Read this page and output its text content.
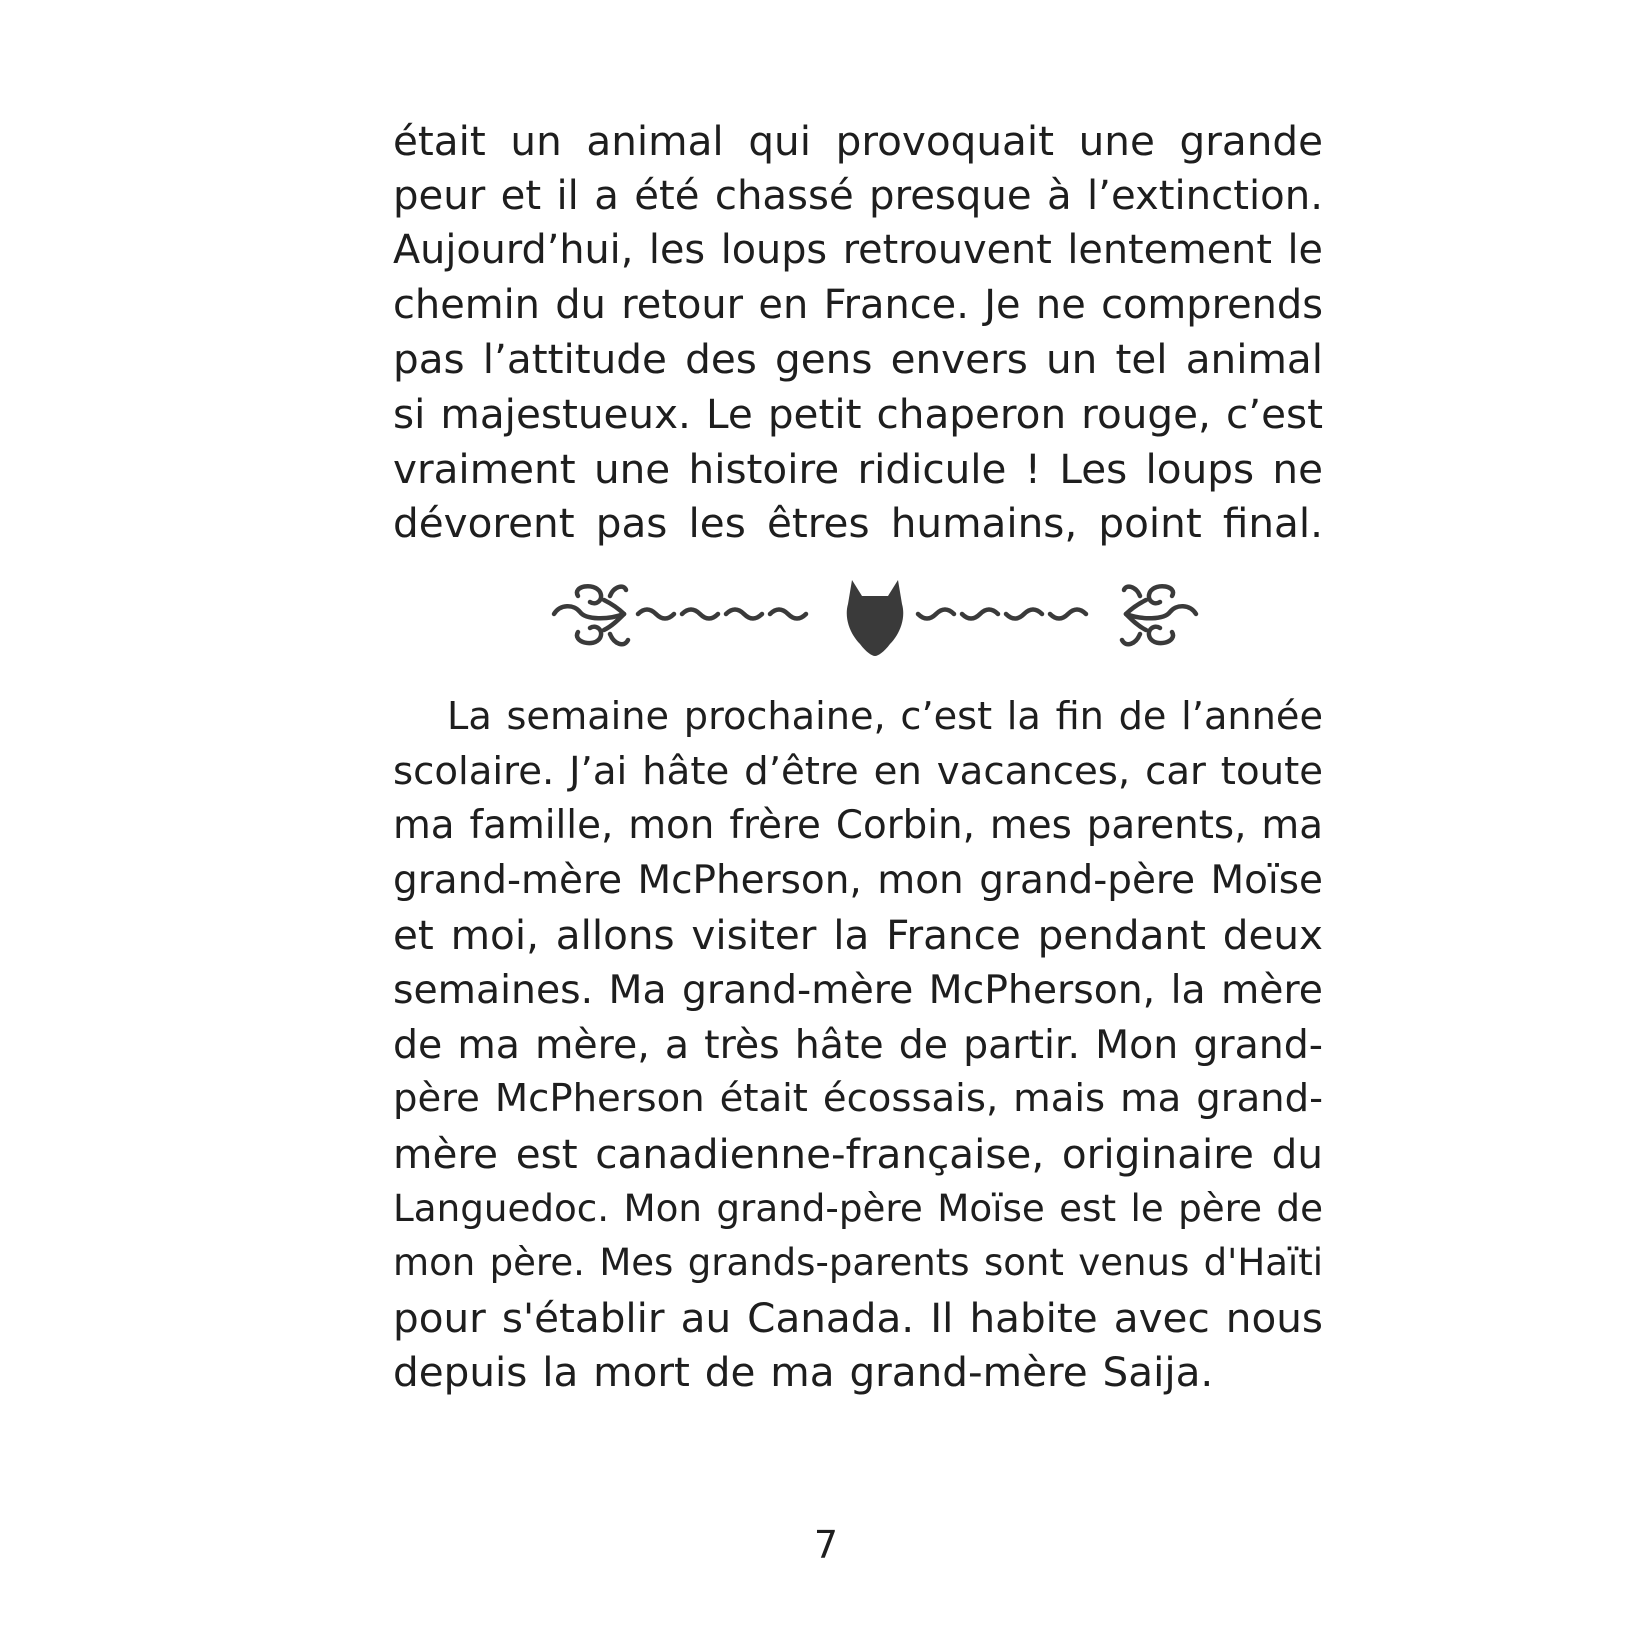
était un animal qui provoquait une grande
peur et il a été chassé presque à l’extinction.
Aujourd’hui, les loups retrouvent lentement le
chemin du retour en France. Je ne comprends
pas l’attitude des gens envers un tel animal
si majestueux. Le petit chaperon rouge, c’est
vraiment une histoire ridicule ! Les loups ne
dévorent pas les êtres humains, point final.
La semaine prochaine, c’est la fin de l’année
scolaire. J’ai hâte d’être en vacances, car toute
ma famille, mon frère Corbin, mes parents, ma
grand-mère McPherson, mon grand-père Moïse
et moi, allons visiter la France pendant deux
semaines. Ma grand-mère McPherson, la mère
de ma mère, a très hâte de partir. Mon grand-
père McPherson était écossais, mais ma grand-
mère est canadienne-française, originaire du
Languedoc. Mon grand-père Moïse est le père de
mon père. Mes grands-parents sont venus d'Haïti
pour s'établir au Canada. Il habite avec nous
depuis la mort de ma grand-mère Saija.
7
